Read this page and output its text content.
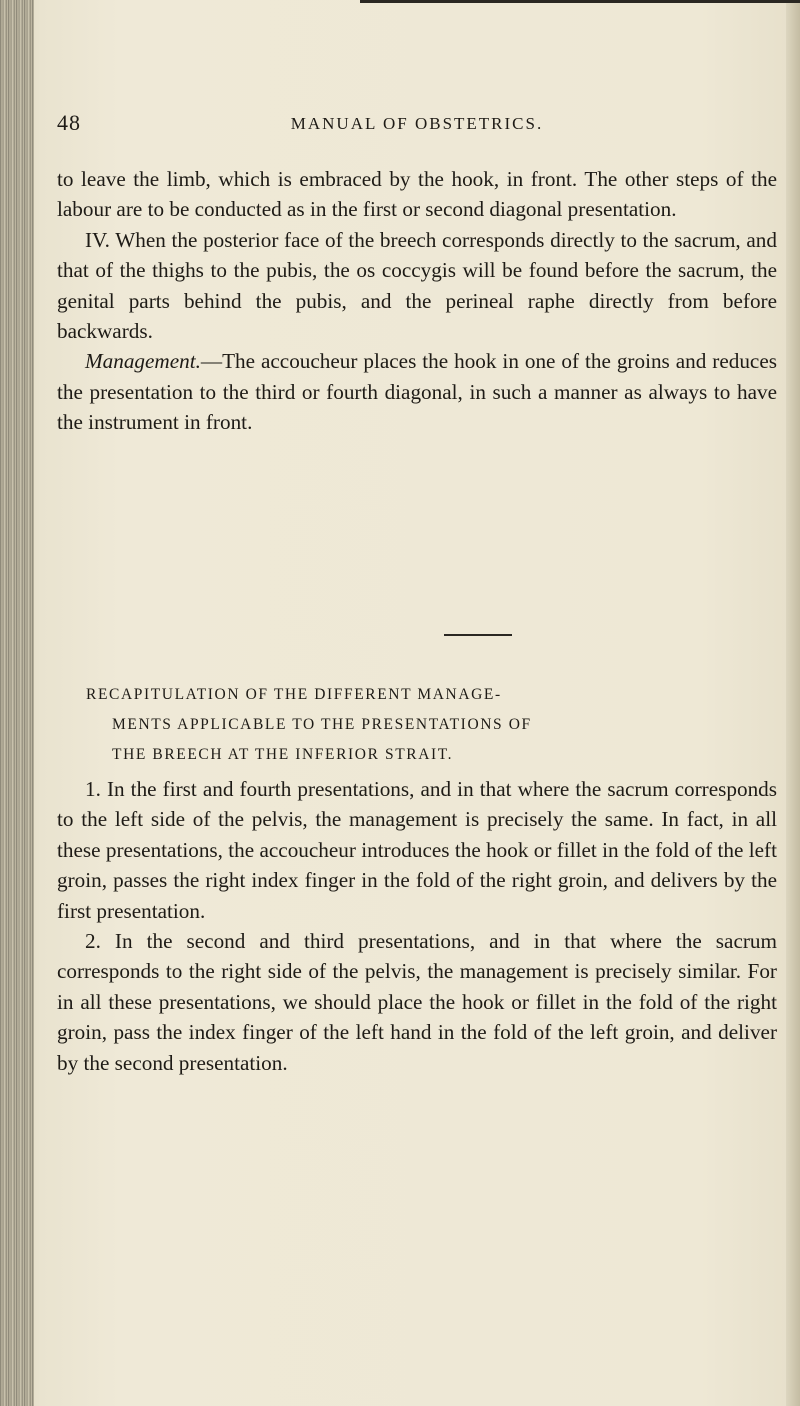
48	MANUAL OF OBSTETRICS.

to leave the limb, which is embraced by the hook, in front. The other steps of the labour are to be conducted as in the first or second diagonal presentation.

IV. When the posterior face of the breech corresponds directly to the sacrum, and that of the thighs to the pubis, the os coccygis will be found before the sacrum, the genital parts behind the pubis, and the perineal raphe directly from before backwards.

Management.—The accoucheur places the hook in one of the groins and reduces the presentation to the third or fourth diagonal, in such a manner as always to have the instrument in front.

RECAPITULATION OF THE DIFFERENT MANAGE-
MENTS APPLICABLE TO THE PRESENTATIONS OF
THE BREECH AT THE INFERIOR STRAIT.

1. In the first and fourth presentations, and in that where the sacrum corresponds to the left side of the pelvis, the management is precisely the same. In fact, in all these presentations, the accoucheur introduces the hook or fillet in the fold of the left groin, passes the right index finger in the fold of the right groin, and delivers by the first presentation.

2. In the second and third presentations, and in that where the sacrum corresponds to the right side of the pelvis, the management is precisely similar. For in all these presentations, we should place the hook or fillet in the fold of the right groin, pass the index finger of the left hand in the fold of the left groin, and deliver by the second presentation.
